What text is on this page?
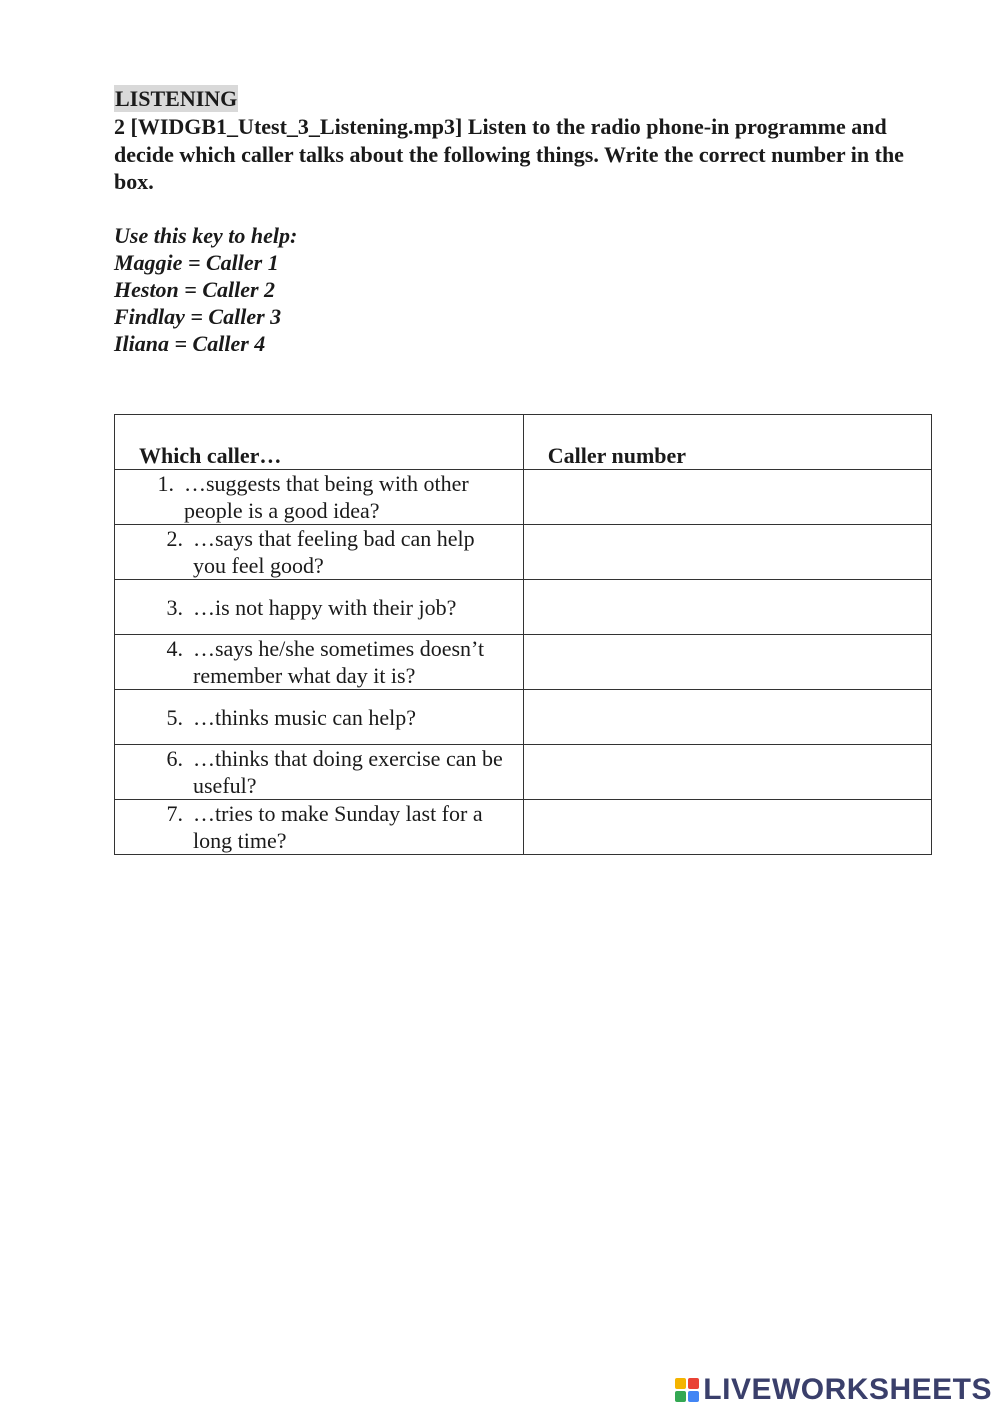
LISTENING
2 [WIDGB1_Utest_3_Listening.mp3] Listen to the radio phone-in programme and decide which caller talks about the following things. Write the correct number in the box.
Use this key to help:
Maggie = Caller 1
Heston = Caller 2
Findlay = Caller 3
Iliana = Caller 4
Which caller…	Caller number

1. …suggests that being with other people is a good idea?	

2. …says that feeling bad can help you feel good?	

3. …is not happy with their job?	

4. …says he/she sometimes doesn’t remember what day it is?	

5. …thinks music can help?	

6. …thinks that doing exercise can be useful?	

7. …tries to make Sunday last for a long time?	

LIVEWORKSHEETS
